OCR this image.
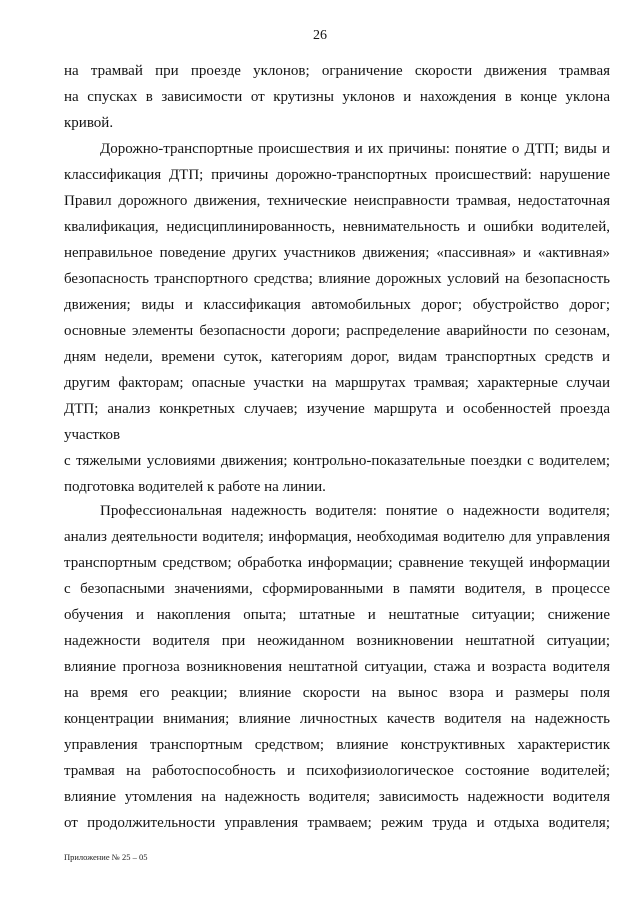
26
на трамвай при проезде уклонов; ограничение скорости движения трамвая
на спусках в зависимости от крутизны уклонов и нахождения в конце уклона
кривой.
Дорожно-транспортные происшествия и их причины: понятие о ДТП; виды и
классификация ДТП; причины дорожно-транспортных происшествий: нарушение
Правил дорожного движения, технические неисправности трамвая, недостаточная
квалификация, недисциплинированность, невнимательность и ошибки водителей,
неправильное поведение других участников движения; «пассивная» и «активная»
безопасность транспортного средства; влияние дорожных условий на безопасность
движения; виды и классификация автомобильных дорог; обустройство дорог;
основные элементы безопасности дороги; распределение аварийности по сезонам,
дням недели, времени суток, категориям дорог, видам транспортных средств и
другим факторам; опасные участки на маршрутах трамвая; характерные случаи
ДТП; анализ конкретных случаев; изучение маршрута и особенностей проезда
участков
с тяжелыми условиями движения; контрольно-показательные поездки с водителем;
подготовка водителей к работе на линии.
Профессиональная надежность водителя: понятие о надежности водителя;
анализ деятельности водителя; информация, необходимая водителю для управления
транспортным средством; обработка информации; сравнение текущей информации
с безопасными значениями, сформированными в памяти водителя, в процессе
обучения и накопления опыта; штатные и нештатные ситуации; снижение
надежности водителя при неожиданном возникновении нештатной ситуации;
влияние прогноза возникновения нештатной ситуации, стажа и возраста водителя
на время его реакции; влияние скорости на вынос взора и размеры поля
концентрации внимания; влияние личностных качеств водителя на надежность
управления транспортным средством; влияние конструктивных характеристик
трамвая на работоспособность и психофизиологическое состояние водителей;
влияние утомления на надежность водителя; зависимость надежности водителя
от продолжительности управления трамваем; режим труда и отдыха водителя;
Приложение № 25 – 05
